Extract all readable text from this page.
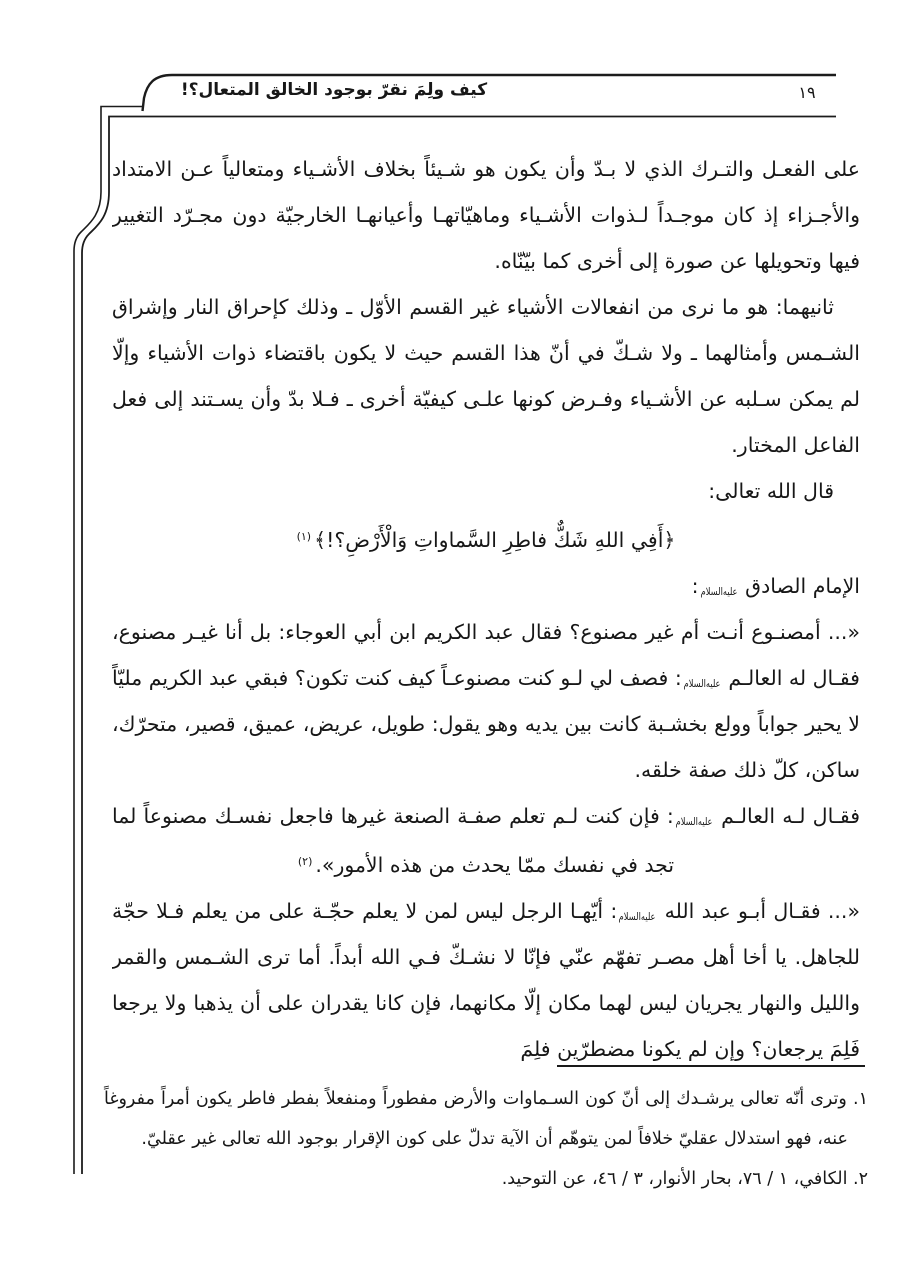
كيف ولِمَ نقرّ بوجود الخالق المتعال؟!	١٩

على الفعـل والتـرك الذي لا بـدّ وأن يكون هو شـيئاً بخلاف الأشـياء ومتعالياً عـن الامتداد والأجـزاء إذ كان موجـداً لـذوات الأشـياء وماهيّاتهـا وأعيانهـا الخارجيّة دون مجـرّد التغيير فيها وتحويلها عن صورة إلى أخرى كما بيّنّاه.

ثانيهما: هو ما نرى من انفعالات الأشياء غير القسم الأوّل ـ وذلك كإحراق النار وإشراق الشـمس وأمثالهما ـ ولا شـكّ في أنّ هذا القسم حيث لا يكون باقتضاء ذوات الأشياء وإلّا لم يمكن سـلبه عن الأشـياء وفـرض كونها علـى كيفيّة أخرى ـ فـلا بدّ وأن يسـتند إلى فعل الفاعل المختار.

قال الله تعالى:

﴿أَفِي اللهِ شَكٌّ فاطِرِ السَّماواتِ وَالْأَرْضِ؟!﴾$^{(١)}$

الإمام الصادق عليه‌السلام:

«... أمصنـوع أنـت أم غير مصنوع؟ فقال عبد الكريم ابن أبي العوجاء: بل أنا غيـر مصنوع، فقـال له العالـم عليه‌السلام: فصف لي لـو كنت مصنوعـاً كيف كنت تكون؟ فبقي عبد الكريم مليّاً لا يحير جواباً وولع بخشـبة كانت بين يديه وهو يقول: طويل، عريض، عميق، قصير، متحرّك، ساكن، كلّ ذلك صفة خلقه.

فقـال لـه العالـم عليه‌السلام: فإن كنت لـم تعلم صفـة الصنعة غيرها فاجعل نفسـك مصنوعاً لما تجد في نفسك ممّا يحدث من هذه الأمور».$^{(٢)}$

«... فقـال أبـو عبد الله عليه‌السلام: أيّهـا الرجل ليس لمن لا يعلم حجّـة على من يعلم فـلا حجّة للجاهل. يا أخا أهل مصـر تفهّم عنّي فإنّا لا نشـكّ فـي الله أبداً. أما ترى الشـمس والقمر والليل والنهار يجريان ليس لهما مكان إلّا مكانهما، فإن كانا يقدران على أن يذهبا ولا يرجعا فَلِمَ يرجعان؟ وإن لم يكونا مضطرّين فلِمَ

١. وترى أنّه تعالى يرشـدك إلى أنّ كون السـماوات والأرض مفطوراً ومنفعلاً بفطر فاطر يكون أمراً مفروغاً عنه، فهو استدلال عقليّ خلافاً لمن يتوهّم أن الآية تدلّ على كون الإقرار بوجود الله تعالى غير عقليّ.

٢. الكافي، ١ / ٧٦، بحار الأنوار، ٣ / ٤٦، عن التوحيد.
